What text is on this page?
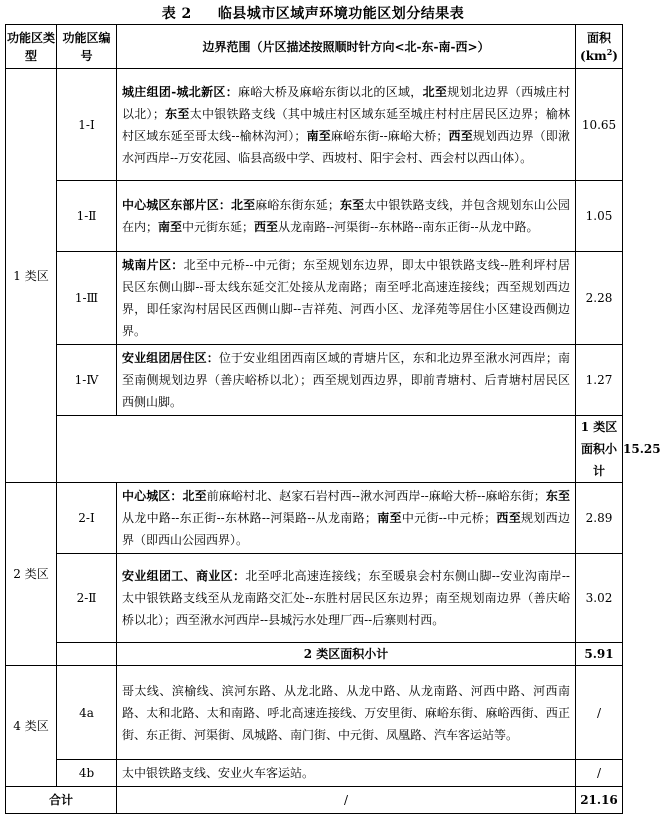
表 2 临县城市区域声环境功能区划分结果表
功能区类型	功能区编号	边界范围（片区描述按照顺时针方向<北-东-南-西>）	面积
$(km^2)$	
1 类区	1-Ⅰ	城庄组团-城北新区：麻峪大桥及麻峪东街以北的区域，北至规划北边界（西城庄村以北）；东至太中银铁路支线（其中城庄村区域东延至城庄村村庄居民区边界；榆林村区域东延至哥太线--榆林沟河）；南至麻峪东街--麻峪大桥；西至规划西边界（即湫水河西岸--万安花园、临县高级中学、西坡村、阳宇会村、西会村以西山体）。	10.65	
	1-Ⅱ	中心城区东部片区：北至麻峪东街东延；东至太中银铁路支线，并包含规划东山公园在内；南至中元街东延；西至从龙南路--河渠街--东林路--南东正街--从龙中路。	1.05	
	1-Ⅲ	城南片区：北至中元桥--中元街；东至规划东边界，即太中银铁路支线--胜利坪村居民区东侧山脚--哥太线东延交汇处接从龙南路；南至呼北高速连接线；西至规划西边界，即任家沟村居民区西侧山脚--吉祥苑、河西小区、龙泽苑等居住小区建设西侧边界。	2.28	
	1-Ⅳ	安业组团居住区：位于安业组团西南区域的青塘片区，东和北边界至湫水河西岸；南至南侧规划边界（善庆峪桥以北）；西至规划西边界，即前青塘村、后青塘村居民区西侧山脚。	1.27	
			1 类区面积小计	15.25
2 类区	2-Ⅰ	中心城区：北至前麻峪村北、赵家石岩村西--湫水河西岸--麻峪大桥--麻峪东街；东至从龙中路--东正街--东林路--河渠路--从龙南路；南至中元街--中元桥；西至规划西边界（即西山公园西界）。	2.89	
	2-Ⅱ	安业组团工、商业区：北至呼北高速连接线；东至暖泉会村东侧山脚--安业沟南岸--太中银铁路支线至从龙南路交汇处--东胜村居民区东边界；南至规划南边界（善庆峪桥以北）；西至湫水河西岸--县城污水处理厂西--后寨则村西。	3.02	
		2 类区面积小计	5.91	
4 类区	4a	哥太线、滨榆线、滨河东路、从龙北路、从龙中路、从龙南路、河西中路、河西南路、太和北路、太和南路、呼北高速连接线、万安里街、麻峪东街、麻峪西街、西正街、东正街、河渠街、凤城路、南门街、中元街、凤凰路、汽车客运站等。	/	
	4b	太中银铁路支线、安业火车客运站。	/	
合计		/	21.16	
